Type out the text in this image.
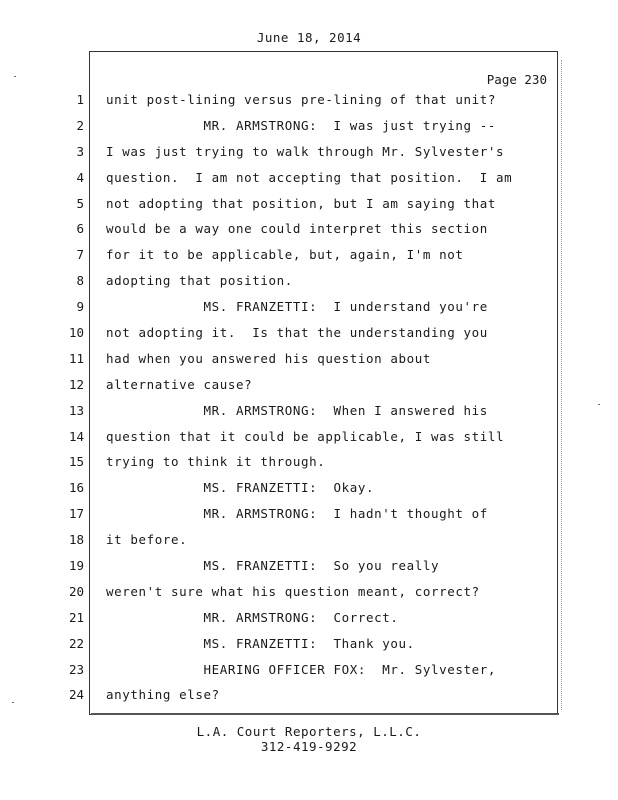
June 18, 2014
Page 230
1
2
3
4
5
6
7
8
9
10
11
12
13
14
15
16
17
18
19
20
21
22
23
24
unit post-lining versus pre-lining of that unit?
MR. ARMSTRONG:  I was just trying --
I was just trying to walk through Mr. Sylvester's
question.  I am not accepting that position.  I am
not adopting that position, but I am saying that
would be a way one could interpret this section
for it to be applicable, but, again, I'm not
adopting that position.
MS. FRANZETTI:  I understand you're
not adopting it.  Is that the understanding you
had when you answered his question about
alternative cause?
MR. ARMSTRONG:  When I answered his
question that it could be applicable, I was still
trying to think it through.
MS. FRANZETTI:  Okay.
MR. ARMSTRONG:  I hadn't thought of
it before.
MS. FRANZETTI:  So you really
weren't sure what his question meant, correct?
MR. ARMSTRONG:  Correct.
MS. FRANZETTI:  Thank you.
HEARING OFFICER FOX:  Mr. Sylvester,
anything else?
L.A. Court Reporters, L.L.C.
312-419-9292
